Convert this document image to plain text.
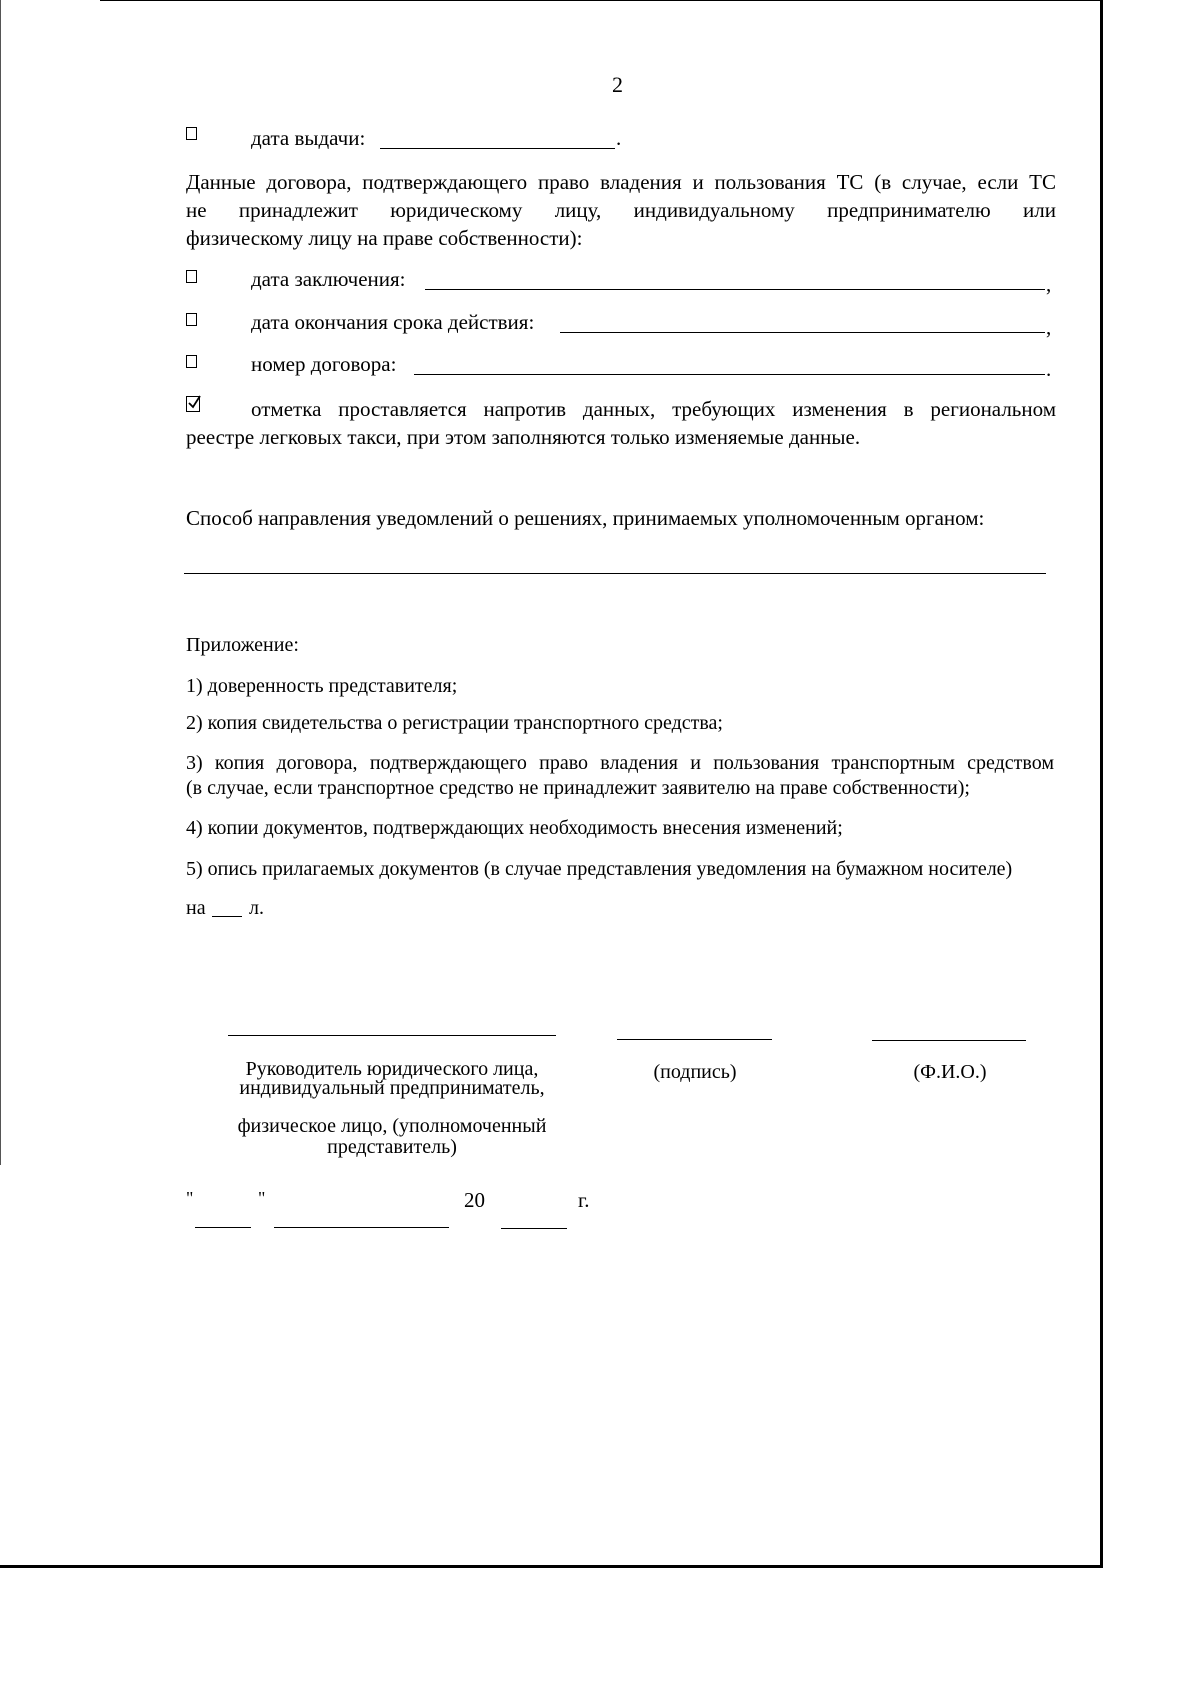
2
дата выдачи:	.
Данные договора, подтверждающего право владения и пользования ТС (в случае, если ТС
не принадлежит юридическому лицу, индивидуальному предпринимателю или
физическому лицу на праве собственности):
дата заключения:	,
дата окончания срока действия:	,
номер договора:	.
отметка проставляется напротив данных, требующих изменения в региональном
реестре легковых такси, при этом заполняются только изменяемые данные.
Способ направления уведомлений о решениях, принимаемых уполномоченным органом:
Приложение:
1) доверенность представителя;
2) копия свидетельства о регистрации транспортного средства;
3) копия договора, подтверждающего право владения и пользования транспортным средством
(в случае, если транспортное средство не принадлежит заявителю на праве собственности);
4) копии документов, подтверждающих необходимость внесения изменений;
5) опись прилагаемых документов (в случае представления уведомления на бумажном носителе)
на л.
Руководитель юридического лица,
индивидуальный предприниматель,
физическое лицо, (уполномоченный
представитель)
(подпись)	(Ф.И.О.)
"	"	20	г.
